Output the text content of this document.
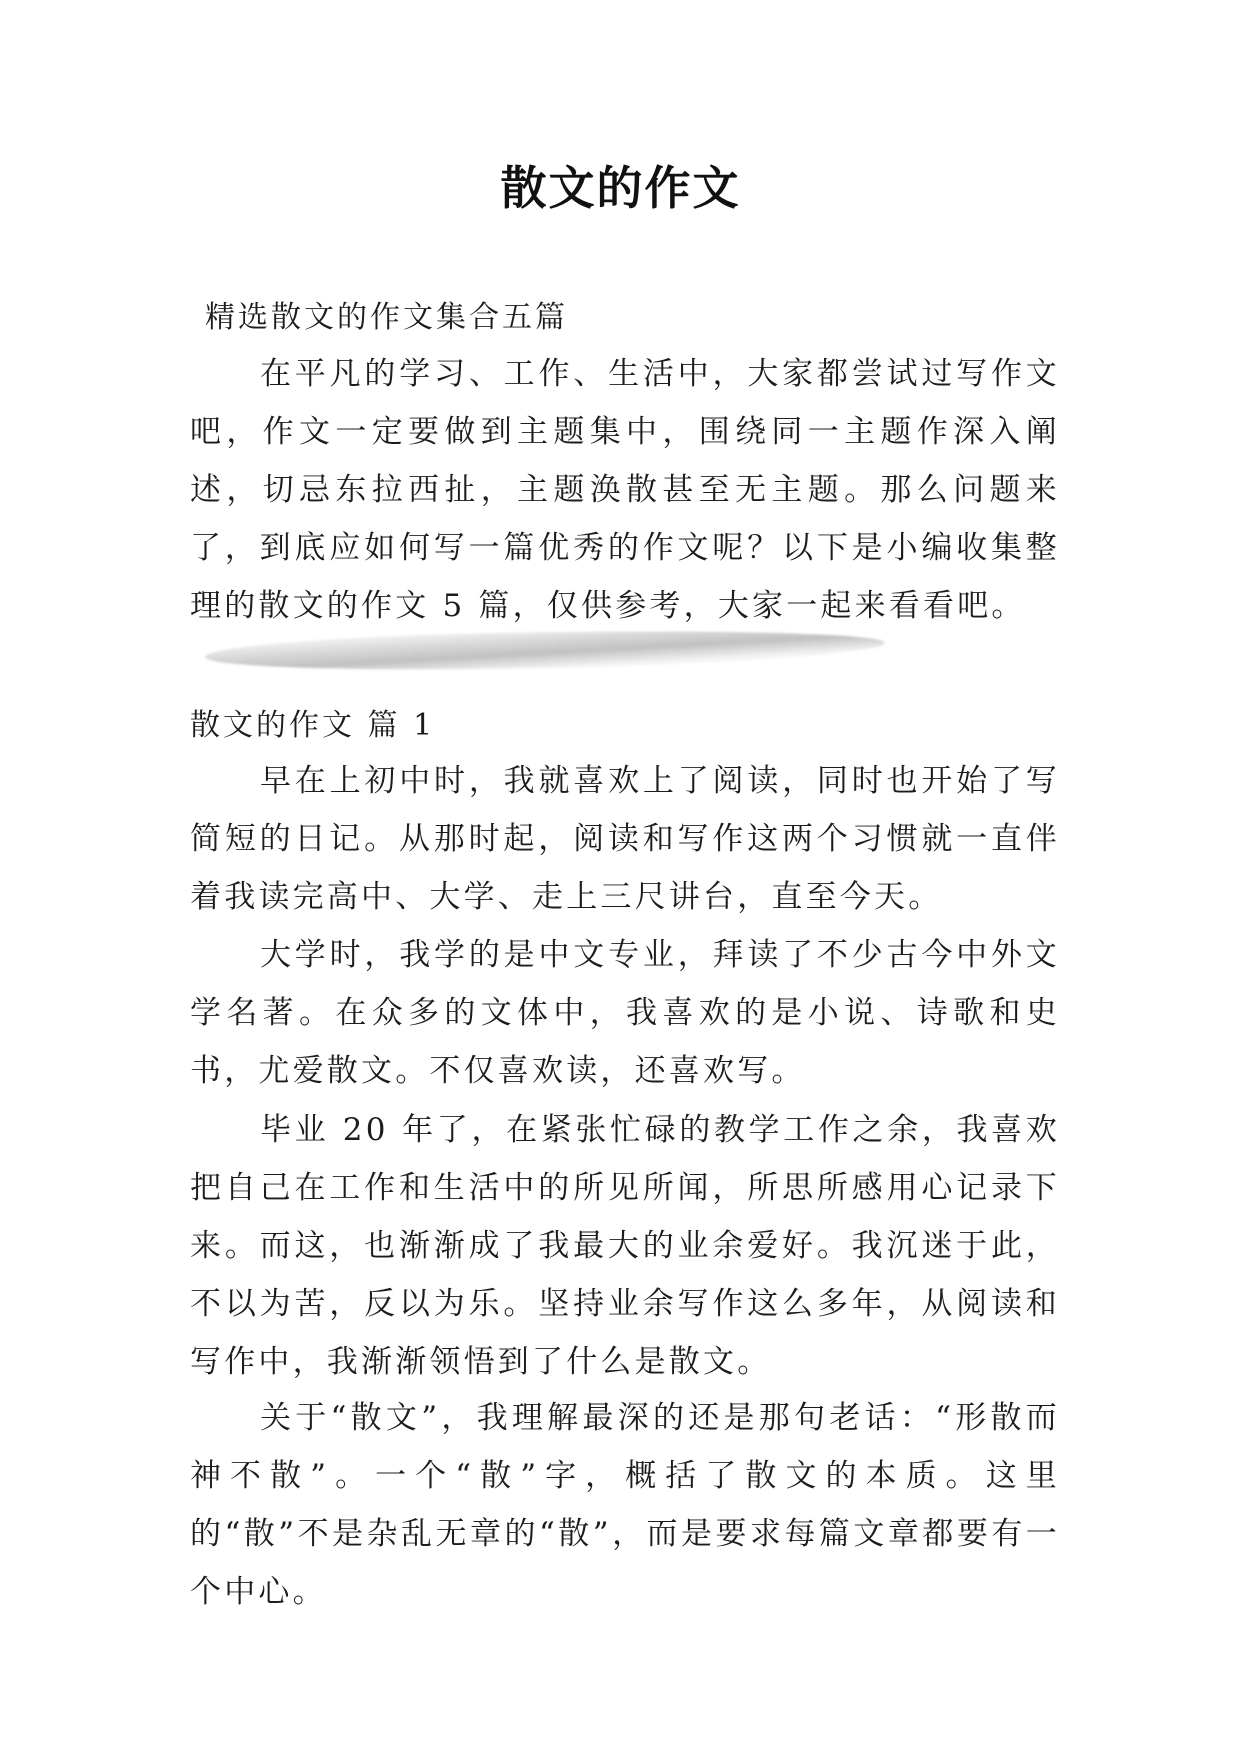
散文的作文

精选散文的作文集合五篇

在平凡的学习、工作、生活中，大家都尝试过写作文吧，作文一定要做到主题集中，围绕同一主题作深入阐述，切忌东拉西扯，主题涣散甚至无主题。那么问题来了，到底应如何写一篇优秀的作文呢？以下是小编收集整理的散文的作文 5 篇，仅供参考，大家一起来看看吧。

散文的作文 篇 1

早在上初中时，我就喜欢上了阅读，同时也开始了写简短的日记。从那时起，阅读和写作这两个习惯就一直伴着我读完高中、大学、走上三尺讲台，直至今天。

大学时，我学的是中文专业，拜读了不少古今中外文学名著。在众多的文体中，我喜欢的是小说、诗歌和史书，尤爱散文。不仅喜欢读，还喜欢写。

毕业 20 年了，在紧张忙碌的教学工作之余，我喜欢把自己在工作和生活中的所见所闻，所思所感用心记录下来。而这，也渐渐成了我最大的业余爱好。我沉迷于此，不以为苦，反以为乐。坚持业余写作这么多年，从阅读和写作中，我渐渐领悟到了什么是散文。

关于“散文”，我理解最深的还是那句老话：“形散而神不散”。一个“散”字，概括了散文的本质。这里的“散”不是杂乱无章的“散”，而是要求每篇文章都要有一个中心。
